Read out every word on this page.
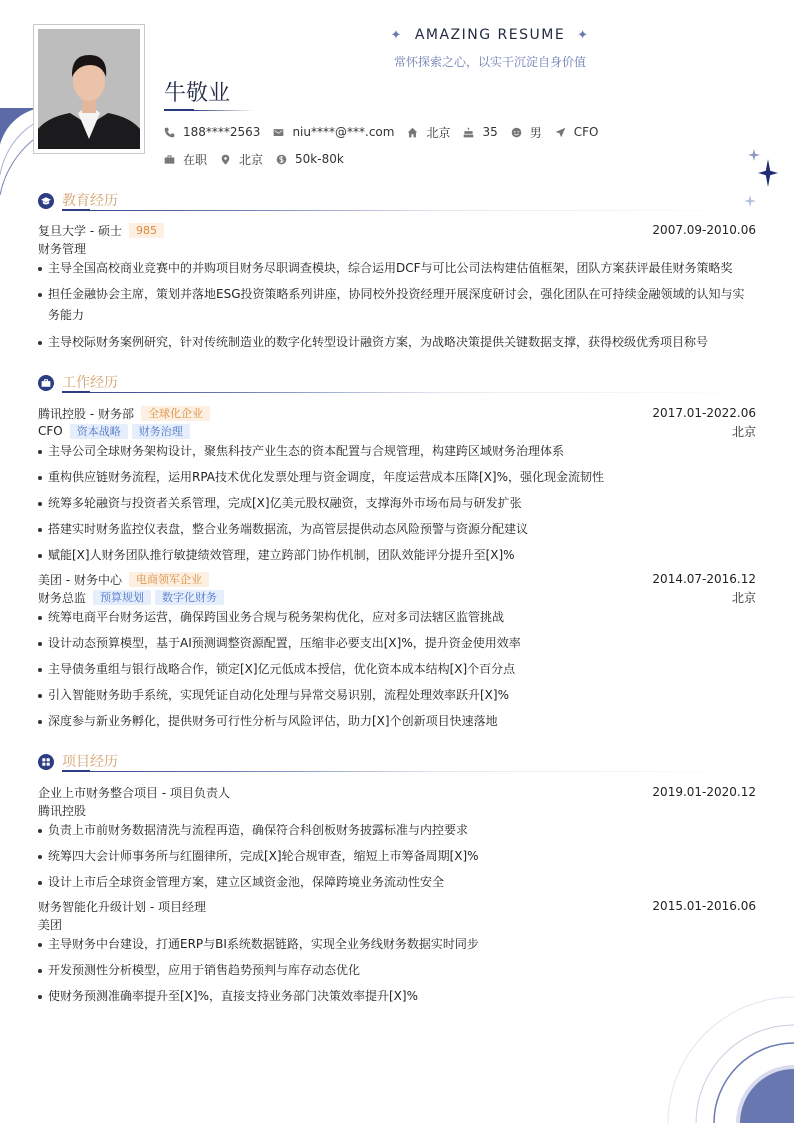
✦ AMAZING RESUME ✦
常怀探索之心，以实干沉淀自身价值
牛敬业
188****2563	niu****@***.com	北京	35	男	CFO
在职	北京	50k-80k
教育经历
复旦大学 - 硕士	985	2007.09-2010.06
财务管理
主导全国高校商业竞赛中的并购项目财务尽职调查模块，综合运用DCF与可比公司法构建估值框架，团队方案获评最佳财务策略奖
担任金融协会主席，策划并落地ESG投资策略系列讲座，协同校外投资经理开展深度研讨会，强化团队在可持续金融领域的认知与实务能力
主导校际财务案例研究，针对传统制造业的数字化转型设计融资方案，为战略决策提供关键数据支撑，获得校级优秀项目称号
工作经历
腾讯控股 - 财务部	全球化企业	2017.01-2022.06
CFO	资本战略	财务治理	北京
主导公司全球财务架构设计，聚焦科技产业生态的资本配置与合规管理，构建跨区域财务治理体系
重构供应链财务流程，运用RPA技术优化发票处理与资金调度，年度运营成本压降[X]%，强化现金流韧性
统筹多轮融资与投资者关系管理，完成[X]亿美元股权融资，支撑海外市场布局与研发扩张
搭建实时财务监控仪表盘，整合业务端数据流，为高管层提供动态风险预警与资源分配建议
赋能[X]人财务团队推行敏捷绩效管理，建立跨部门协作机制，团队效能评分提升至[X]%
美团 - 财务中心	电商领军企业	2014.07-2016.12
财务总监	预算规划	数字化财务	北京
统筹电商平台财务运营，确保跨国业务合规与税务架构优化，应对多司法辖区监管挑战
设计动态预算模型，基于AI预测调整资源配置，压缩非必要支出[X]%，提升资金使用效率
主导债务重组与银行战略合作，锁定[X]亿元低成本授信，优化资本成本结构[X]个百分点
引入智能财务助手系统，实现凭证自动化处理与异常交易识别，流程处理效率跃升[X]%
深度参与新业务孵化，提供财务可行性分析与风险评估，助力[X]个创新项目快速落地
项目经历
企业上市财务整合项目 - 项目负责人	2019.01-2020.12
腾讯控股
负责上市前财务数据清洗与流程再造，确保符合科创板财务披露标准与内控要求
统筹四大会计师事务所与红圈律所，完成[X]轮合规审查，缩短上市筹备周期[X]%
设计上市后全球资金管理方案，建立区域资金池，保障跨境业务流动性安全
财务智能化升级计划 - 项目经理	2015.01-2016.06
美团
主导财务中台建设，打通ERP与BI系统数据链路，实现全业务线财务数据实时同步
开发预测性分析模型，应用于销售趋势预判与库存动态优化
使财务预测准确率提升至[X]%，直接支持业务部门决策效率提升[X]%
